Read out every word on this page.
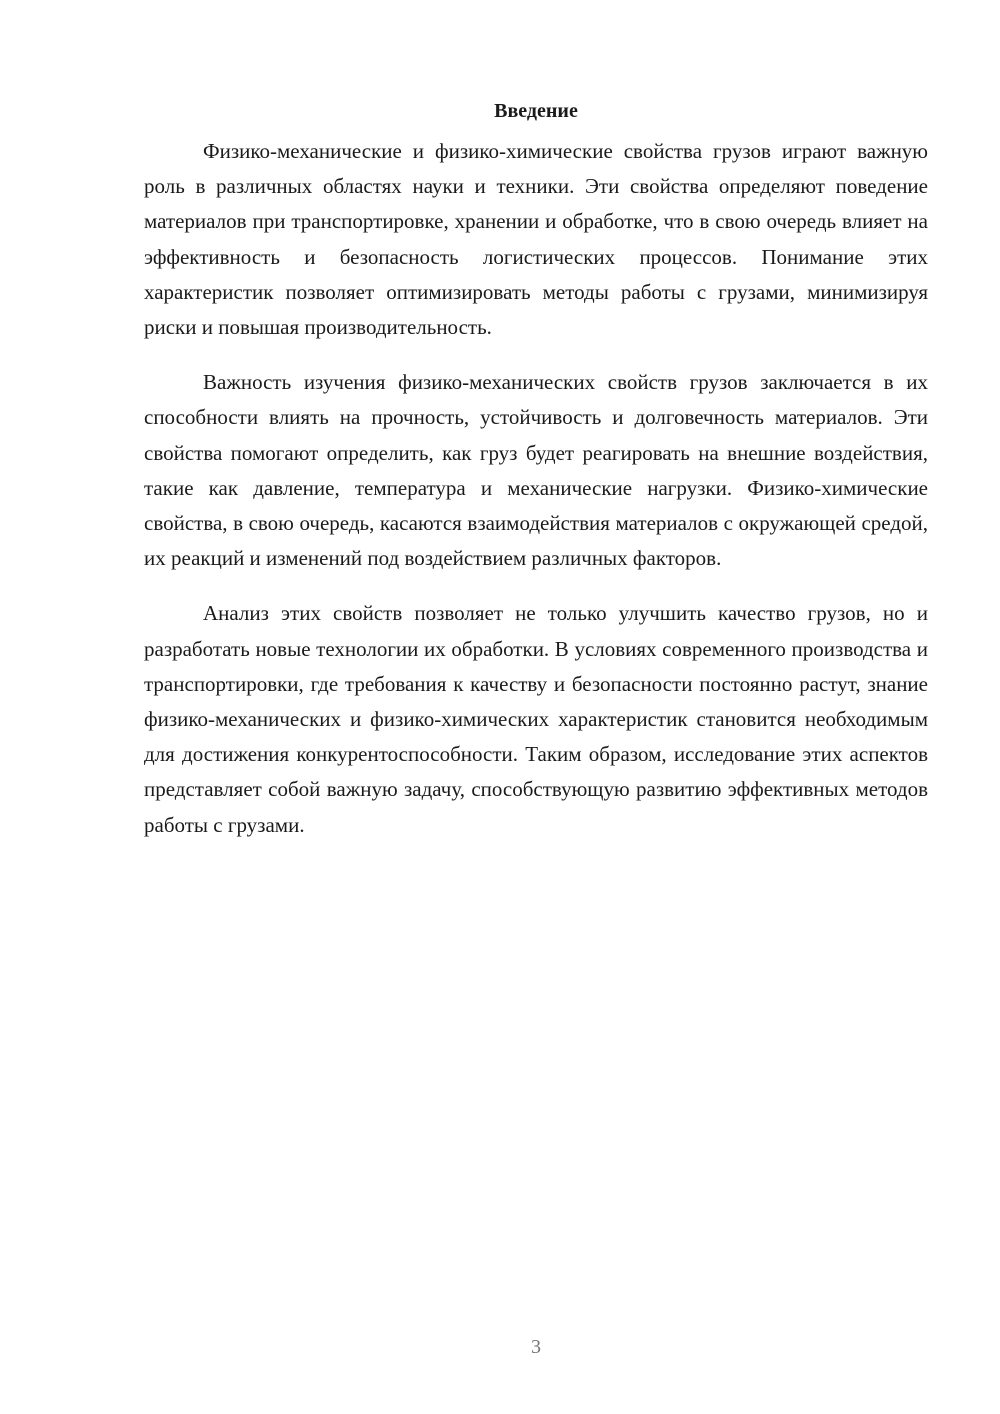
Введение

Физико-механические и физико-химические свойства грузов играют важную роль в различных областях науки и техники. Эти свойства определяют поведение материалов при транспортировке, хранении и обработке, что в свою очередь влияет на эффективность и безопасность логистических процессов. Понимание этих характеристик позволяет оптимизировать методы работы с грузами, минимизируя риски и повышая производительность.

Важность изучения физико-механических свойств грузов заключается в их способности влиять на прочность, устойчивость и долговечность материалов. Эти свойства помогают определить, как груз будет реагировать на внешние воздействия, такие как давление, температура и механические нагрузки. Физико-химические свойства, в свою очередь, касаются взаимодействия материалов с окружающей средой, их реакций и изменений под воздействием различных факторов.

Анализ этих свойств позволяет не только улучшить качество грузов, но и разработать новые технологии их обработки. В условиях современного производства и транспортировки, где требования к качеству и безопасности постоянно растут, знание физико-механических и физико-химических характеристик становится необходимым для достижения конкурентоспособности. Таким образом, исследование этих аспектов представляет собой важную задачу, способствующую развитию эффективных методов работы с грузами.

3
